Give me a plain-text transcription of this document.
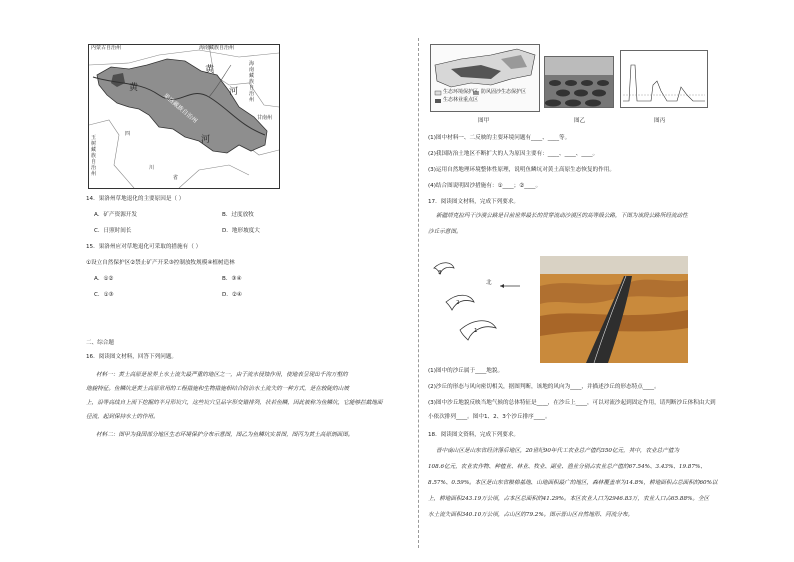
内蒙古自治州	海南藏族自治州
黄
黄
河
河
果洛藏族自治州
玉
树
藏
族
自
治
州
海南藏族自治州
甘南州
四
川
省
14．果洛州草地退化的主要原因是（ ）
A．矿产资源开发	B．过度放牧
C．日照时间长	D．地形坡度大
15．果洛州应对草地退化可采取的措施有（ ）
①设立自然保护区②禁止矿产开采③控制放牧规模④植树造林
A．①②	B．③④
C．①③	D．②④
二、综合题
16．阅读图文材料，回答下列问题。
材料一：黄土高原是世界上水土流失最严重的地区之一，由于流水侵蚀作用，使地表呈现出千沟万壑的
地貌特征。鱼鳞坑是黄土高原常用的工程措施和生物措施相结合防治水土流失的一种方式，是在较陡的山坡
上，沿等高线自上而下挖掘的半月形坑穴，这些坑穴呈品字形交错排列，状若鱼鳞，因此被称为鱼鳞坑，它能够拦截地面
径流，起到保持水土的作用。
材料二：图甲为我国部分地区生态环境保护分布示意图，图乙为鱼鳞坑实景图，图丙为黄土高原剖面图。
生态环境保护区
生态林业重点区
防风固沙生态保护区
图甲	图乙	图丙
(1)图中材料一、二反映的主要环境问题有____、____等。
(2)我国防治土地区不断扩大的人为原因主要有：____、____、____。
(3)运用自然地理环境整体性原理，说明鱼鳞坑对黄土高原生态恢复的作用。
(4)结合图说明固沙措施有：①____；②____。
17．阅读图文材料，完成下列要求。
新疆塔克拉玛干沙漠公路是目前世界最长的贯穿流动沙漠区的高等级公路，下图为该段公路所经流动性
沙丘示意图。
北
3
2
1
(1)图中的沙丘属于____地貌。
(2)沙丘的形态与风向密切相关，据图判断，该地的风向为____，并描述沙丘的形态特点____。
(3)图中沙丘地貌反映当地气候的总体特征是____，在沙丘上____，可以对流沙起到固定作用，请判断沙丘体积由大到
小依次排列____。图中1、2、3个沙丘排序____。
18．阅读图文资料，完成下列要求。
晋中南山区是山东省经济落后地区，20世纪90年代工农业总产值约350亿元，其中，农业总产值为
108.6亿元，农业农作物、种植业、林业、牧业、副业、渔业分别占农业总产值的67.54%、3.43%、19.87%、
8.57%、0.59%。本区是山东省粮棉基地、山地面积最广的地区，森林覆盖率为14.8%，耕地面积占总面积的60%以
上，耕地面积243.19万公顷，占本区总面积的41.29%。本区农业人口为2946.83万，农业人口占65.88%。全区
水土流失面积340.10万公顷，占山区的79.2%。图示晋山区自然地形、河流分布。
